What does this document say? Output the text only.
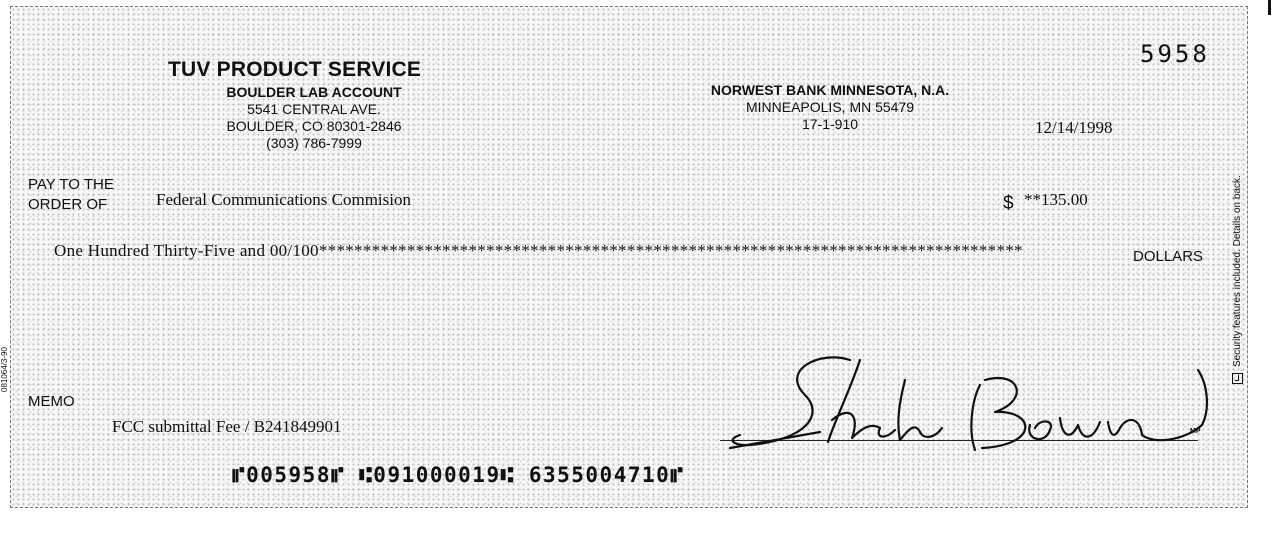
TUV PRODUCT SERVICE
BOULDER LAB ACCOUNT
5541 CENTRAL AVE.
BOULDER, CO 80301-2846
(303) 786-7999
NORWEST BANK MINNESOTA, N.A.
MINNEAPOLIS, MN 55479
17-1-910
5958
12/14/1998
PAY TO THE
ORDER OF	Federal Communications Commision	$ **135.00
One Hundred Thirty-Five and 00/100********************************************************************************	DOLLARS
MEMO
FCC submittal Fee / B241849901	MP
⑈005958⑈ ⑆091000019⑆ 6355004710⑈
Security features included. Details on back.
081064/3-90
